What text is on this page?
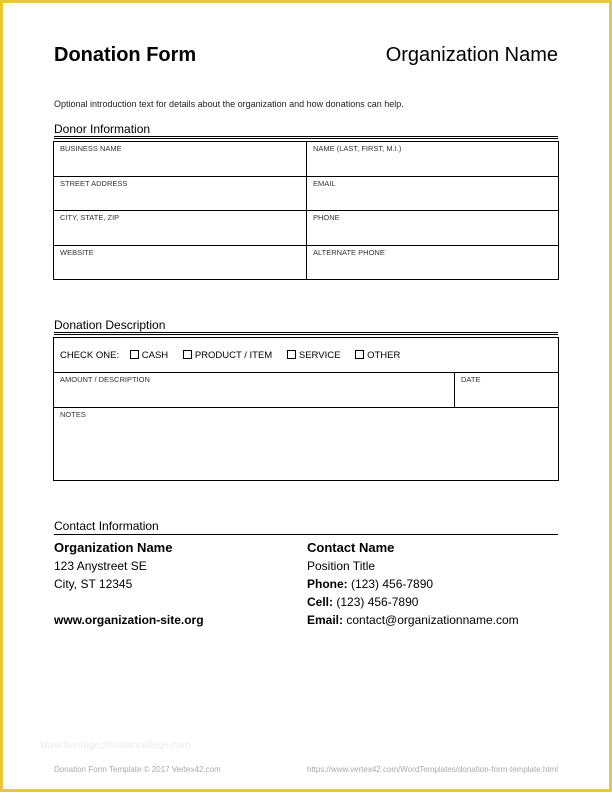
Donation Form	Organization Name
Optional introduction text for details about the organization and how donations can help.
Donor Information
BUSINESS NAME	NAME (LAST, FIRST, M.I.)
STREET ADDRESS	EMAIL
CITY, STATE, ZIP	PHONE
WEBSITE	ALTERNATE PHONE
Donation Description
CHECK ONE: CASH	PRODUCT / ITEM	SERVICE	OTHER
AMOUNT / DESCRIPTION	DATE
NOTES
Contact Information
Organization Name
123 Anystreet SE
City, ST 12345
www.organization-site.org
Contact Name
Position Title
Phone: (123) 456-7890
Cell: (123) 456-7890
Email: contact@organizationname.com
www.heritagechristiancollege.com
Donation Form Template © 2017 Vertex42.com	https://www.vertex42.com/WordTemplates/donation-form-template.html
